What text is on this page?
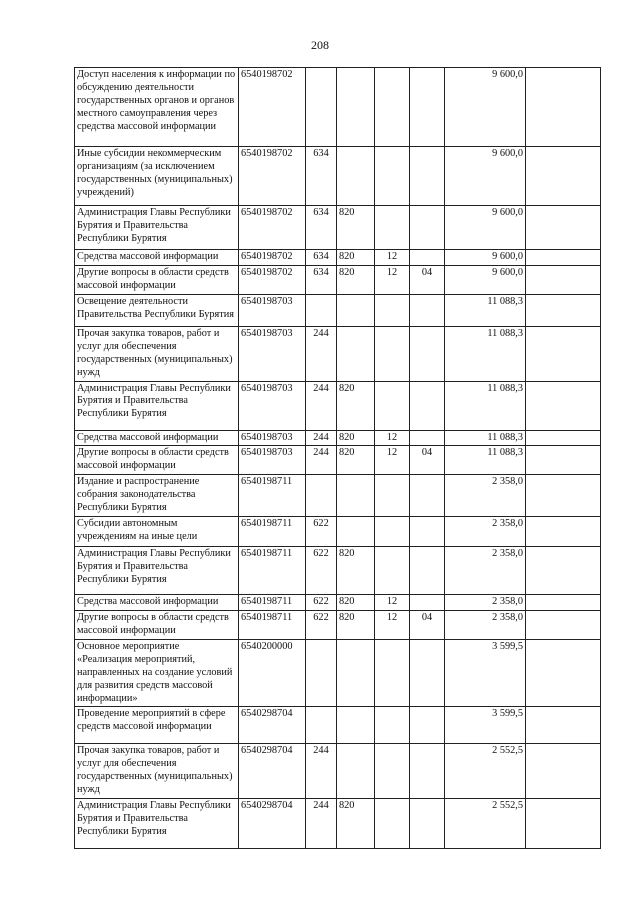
208
Доступ населения к информации по обсуждению деятельности государственных органов и органов местного самоуправления через средства массовой информации	6540198702					9 600,0	
Иные субсидии некоммерческим организациям (за исключением государственных (муниципальных) учреждений)	6540198702	634				9 600,0	
Администрация Главы Республики Бурятия и Правительства Республики Бурятия	6540198702	634	820			9 600,0	
Средства массовой информации	6540198702	634	820	12		9 600,0	
Другие вопросы в области средств массовой информации	6540198702	634	820	12	04	9 600,0	
Освещение деятельности Правительства Республики Бурятия	6540198703					11 088,3	
Прочая закупка товаров, работ и услуг для обеспечения государственных (муниципальных) нужд	6540198703	244				11 088,3	
Администрация Главы Республики Бурятия и Правительства Республики Бурятия	6540198703	244	820			11 088,3	
Средства массовой информации	6540198703	244	820	12		11 088,3	
Другие вопросы в области средств массовой информации	6540198703	244	820	12	04	11 088,3	
Издание и распространение собрания законодательства Республики Бурятия	6540198711					2 358,0	
Субсидии автономным учреждениям на иные цели	6540198711	622				2 358,0	
Администрация Главы Республики Бурятия и Правительства Республики Бурятия	6540198711	622	820			2 358,0	
Средства массовой информации	6540198711	622	820	12		2 358,0	
Другие вопросы в области средств массовой информации	6540198711	622	820	12	04	2 358,0	
Основное мероприятие «Реализация мероприятий, направленных на создание условий для развития средств массовой информации»	6540200000					3 599,5	
Проведение мероприятий в сфере средств массовой информации	6540298704					3 599,5	
Прочая закупка товаров, работ и услуг для обеспечения государственных (муниципальных) нужд	6540298704	244				2 552,5	
Администрация Главы Республики Бурятия и Правительства Республики Бурятия	6540298704	244	820			2 552,5	
